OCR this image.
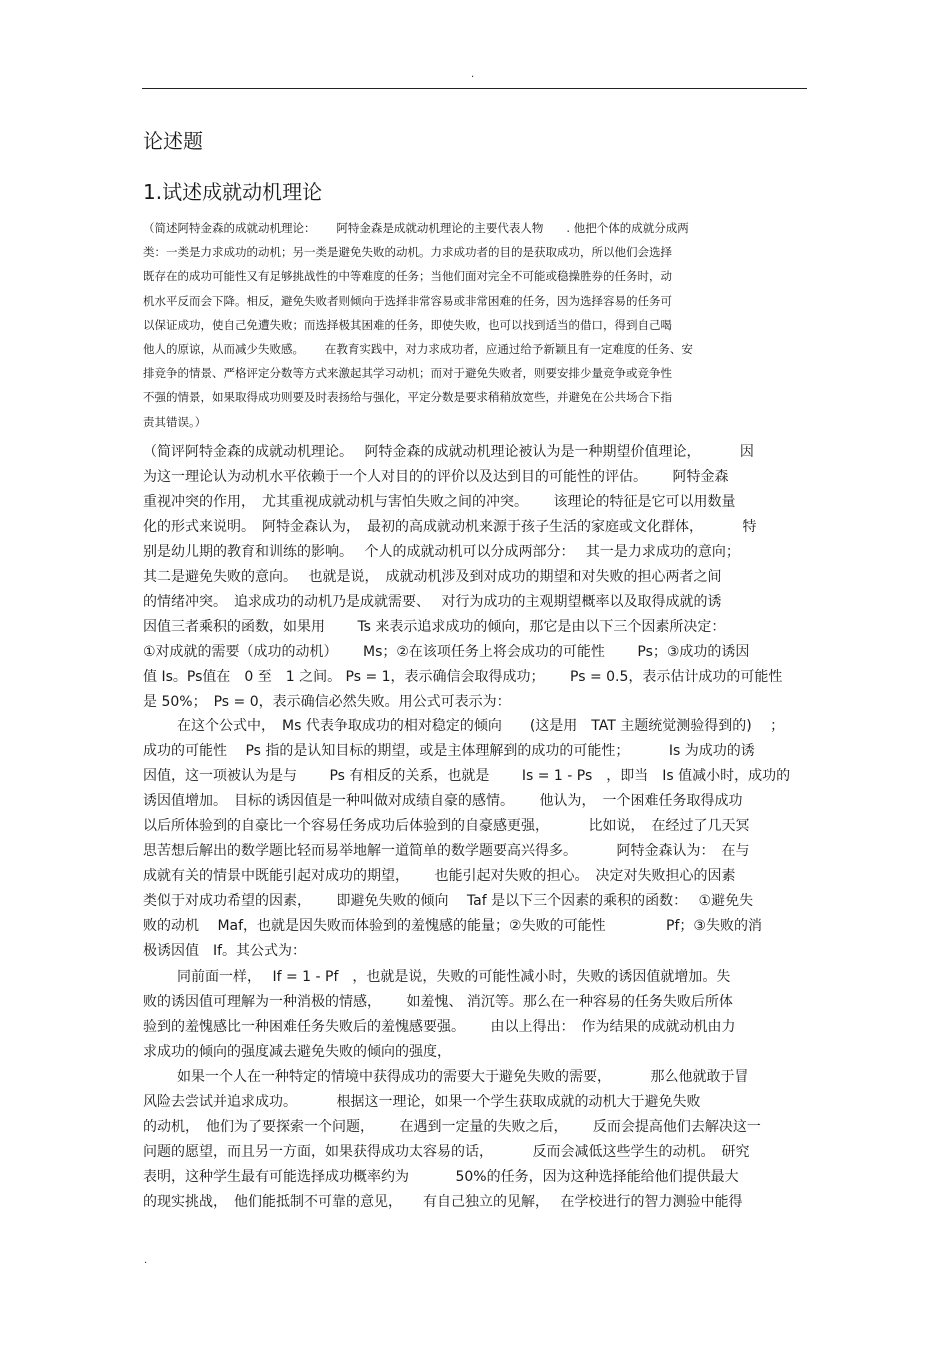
.
论述题
1.试述成就动机理论
（简述阿特金森的成就动机理论：　　 阿特金森是成就动机理论的主要代表人物　　. 他把个体的成就分成两
类：一类是力求成功的动机；另一类是避免失败的动机。力求成功者的目的是获取成功，所以他们会选择
既存在的成功可能性又有足够挑战性的中等难度的任务；当他们面对完全不可能或稳操胜券的任务时，动
机水平反而会下降。相反，避免失败者则倾向于选择非常容易或非常困难的任务，因为选择容易的任务可
以保证成功，使自己免遭失败；而选择极其困难的任务，即使失败，也可以找到适当的借口，得到自己喝
他人的原谅，从而减少失败感。　　 在教育实践中，对力求成功者，应通过给予新颖且有一定难度的任务、安
排竞争的情景、严格评定分数等方式来激起其学习动机；而对于避免失败者，则要安排少量竞争或竞争性
不强的情景，如果取得成功则要及时表扬给与强化，平定分数是要求稍稍放宽些，并避免在公共场合下指
责其错误。）
（简评阿特金森的成就动机理论。　 阿特金森的成就动机理论被认为是一种期望价值理论，　　　 因
为这一理论认为动机水平依赖于一个人对目的的评价以及达到目的可能性的评估。　　 阿特金森
重视冲突的作用，　尤其重视成就动机与害怕失败之间的冲突。　　 该理论的特征是它可以用数量
化的形式来说明。　阿特金森认为，　最初的高成就动机来源于孩子生活的家庭或文化群体，　　　 特
别是幼儿期的教育和训练的影响。　 个人的成就动机可以分成两部分：　 其一是力求成功的意向；
其二是避免失败的意向。　 也就是说，　成就动机涉及到对成功的期望和对失败的担心两者之间
的情绪冲突。　追求成功的动机乃是成就需要、　 对行为成功的主观期望概率以及取得成就的诱
因值三者乘积的函数，如果用　　 Ts 来表示追求成功的倾向，那它是由以下三个因素所决定：
①对成就的需要（成功的动机）　　 Ms；②在该项任务上将会成功的可能性　　 Ps；③成功的诱因
值 Is。Ps值在　0 至　1 之间。 Ps = 1，表示确信会取得成功；　　 Ps = 0.5，表示估计成功的可能性
是 50%；　Ps = 0，表示确信必然失败。用公式可表示为：
在这个公式中，　Ms 代表争取成功的相对稳定的倾向　　(这是用　TAT 主题统觉测验得到的)　 ；
成功的可能性　 Ps 指的是认知目标的期望，或是主体理解到的成功的可能性；　　　 Is 为成功的诱
因值，这一项被认为是与　　 Ps 有相反的关系，也就是　　 Is = 1 - Ps　，即当　Is 值减小时，成功的
诱因值增加。　目标的诱因值是一种叫做对成绩自豪的感情。　　 他认为，　一个困难任务取得成功
以后所体验到的自豪比一个容易任务成功后体验到的自豪感更强，　　　 比如说，　在经过了几天冥
思苦想后解出的数学题比轻而易举地解一道简单的数学题要高兴得多。　　　 阿特金森认为：　在与
成就有关的情景中既能引起对成功的期望，　　 也能引起对失败的担心。　决定对失败担心的因素
类似于对成功希望的因素，　　 即避免失败的倾向　 Taf 是以下三个因素的乘积的函数：　 ①避免失
败的动机　 Maf，也就是因失败而体验到的羞愧感的能量；②失败的可能性　　　　 Pf；③失败的消
极诱因值　If。其公式为：
同前面一样，　 If = 1 - Pf　，也就是说，失败的可能性减小时，失败的诱因值就增加。失
败的诱因值可理解为一种消极的情感，　　 如羞愧、 消沉等。那么在一种容易的任务失败后所体
验到的羞愧感比一种困难任务失败后的羞愧感要强。　　 由以上得出：　作为结果的成就动机由力
求成功的倾向的强度减去避免失败的倾向的强度，
如果一个人在一种特定的情境中获得成功的需要大于避免失败的需要，　　　 那么他就敢于冒
风险去尝试并追求成功。　　　 根据这一理论，如果一个学生获取成就的动机大于避免失败
的动机，　他们为了要探索一个问题，　　 在遇到一定量的失败之后，　　 反而会提高他们去解决这一
问题的愿望，而且另一方面，如果获得成功太容易的话，　　　 反而会减低这些学生的动机。　研究
表明，这种学生最有可能选择成功概率约为　　　 50%的任务，因为这种选择能给他们提供最大
的现实挑战，　他们能抵制不可靠的意见，　　有自己独立的见解，　 在学校进行的智力测验中能得
.
